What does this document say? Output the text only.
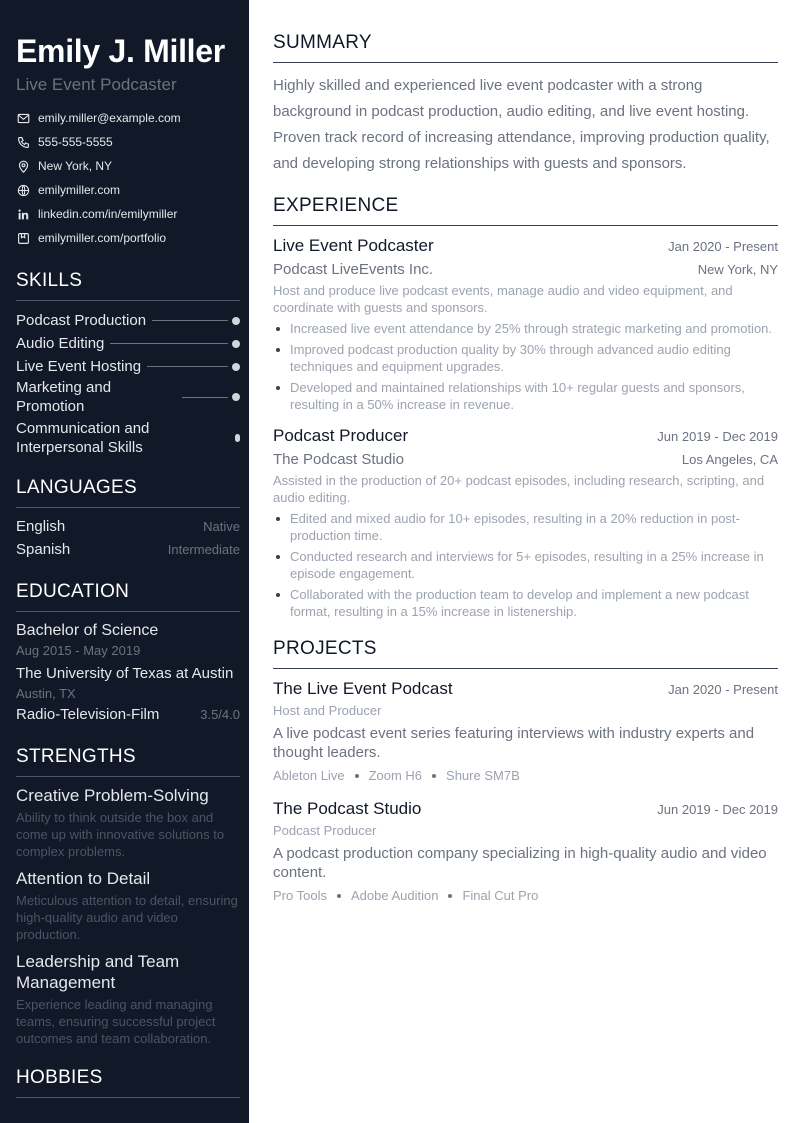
Emily J. Miller
Live Event Podcaster
emily.miller@example.com
555-555-5555
New York, NY
emilymiller.com
linkedin.com/in/emilymiller
emilymiller.com/portfolio
SKILLS
Podcast Production
Audio Editing
Live Event Hosting
Marketing and Promotion
Communication and Interpersonal Skills
LANGUAGES
English	Native
Spanish	Intermediate
EDUCATION
Bachelor of Science
Aug 2015 - May 2019
The University of Texas at Austin
Austin, TX
Radio-Television-Film	3.5/4.0
STRENGTHS
Creative Problem-Solving
Ability to think outside the box and come up with innovative solutions to complex problems.
Attention to Detail
Meticulous attention to detail, ensuring high-quality audio and video production.
Leadership and Team Management
Experience leading and managing teams, ensuring successful project outcomes and team collaboration.
HOBBIES
SUMMARY

Highly skilled and experienced live event podcaster with a strong background in podcast production, audio editing, and live event hosting. Proven track record of increasing attendance, improving production quality, and developing strong relationships with guests and sponsors.

EXPERIENCE
Live Event Podcaster	Jan 2020 - Present
Podcast LiveEvents Inc.	New York, NY
Host and produce live podcast events, manage audio and video equipment, and coordinate with guests and sponsors.
Increased live event attendance by 25% through strategic marketing and promotion.
Improved podcast production quality by 30% through advanced audio editing techniques and equipment upgrades.
Developed and maintained relationships with 10+ regular guests and sponsors, resulting in a 50% increase in revenue.
Podcast Producer	Jun 2019 - Dec 2019
The Podcast Studio	Los Angeles, CA
Assisted in the production of 20+ podcast episodes, including research, scripting, and audio editing.
Edited and mixed audio for 10+ episodes, resulting in a 20% reduction in post-production time.
Conducted research and interviews for 5+ episodes, resulting in a 25% increase in episode engagement.
Collaborated with the production team to develop and implement a new podcast format, resulting in a 15% increase in listenership.
PROJECTS
The Live Event Podcast	Jan 2020 - Present
Host and Producer
A live podcast event series featuring interviews with industry experts and thought leaders.
Ableton Live Zoom H6 Shure SM7B
The Podcast Studio	Jun 2019 - Dec 2019
Podcast Producer
A podcast production company specializing in high-quality audio and video content.
Pro Tools Adobe Audition Final Cut Pro
